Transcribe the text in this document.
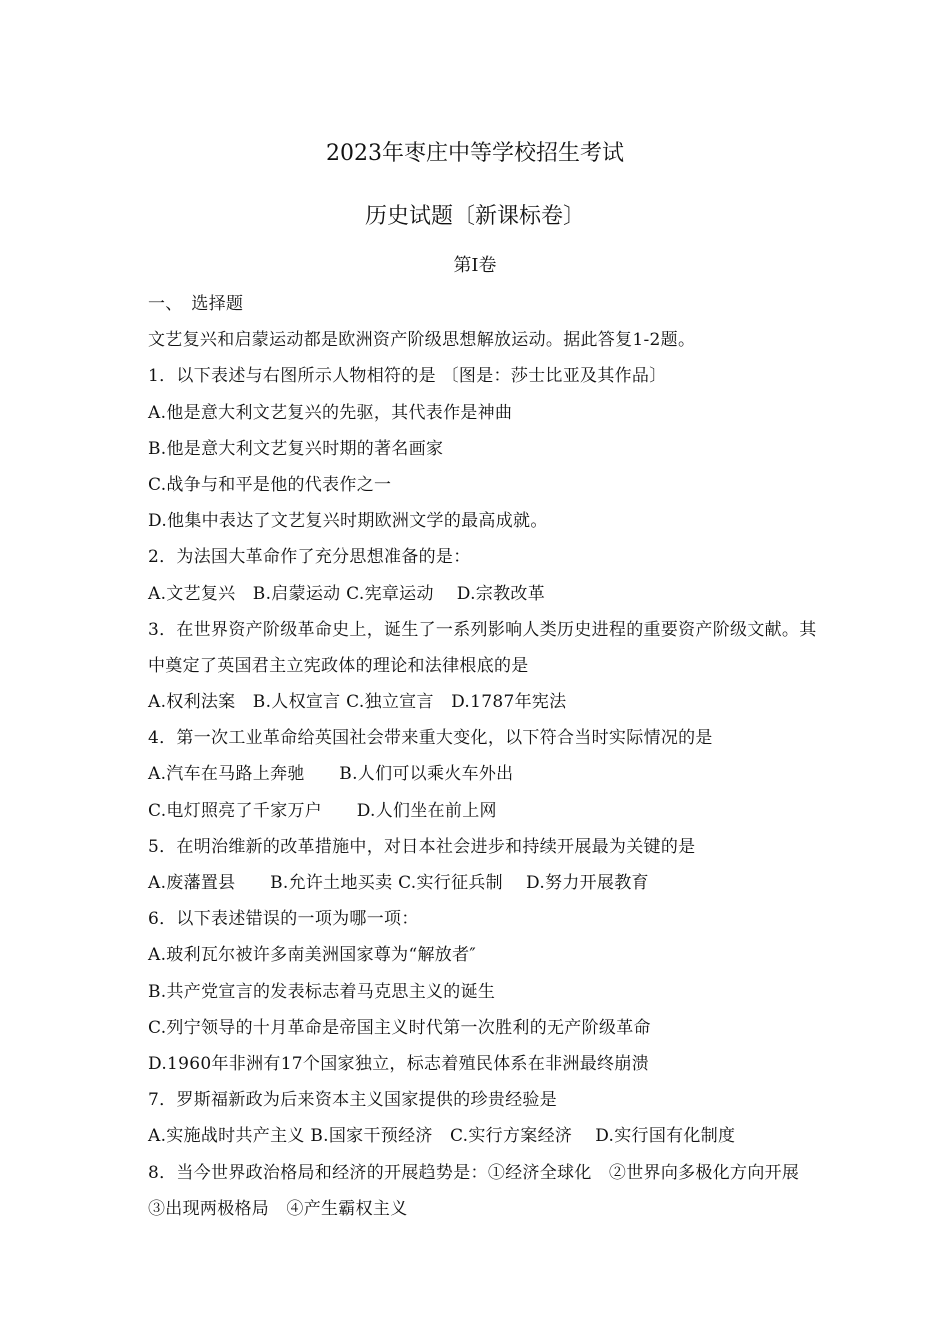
2023年枣庄中等学校招生考试
历史试题〔新课标卷〕
第Ⅰ卷
一、　选择题
文艺复兴和启蒙运动都是欧洲资产阶级思想解放运动。据此答复1-2题。
1．以下表述与右图所示人物相符的是 〔图是：莎士比亚及其作品〕
A.他是意大利文艺复兴的先驱，其代表作是神曲
B.他是意大利文艺复兴时期的著名画家
C.战争与和平是他的代表作之一
D.他集中表达了文艺复兴时期欧洲文学的最高成就。
2．为法国大革命作了充分思想准备的是：
A.文艺复兴　B.启蒙运动 C.宪章运动　 D.宗教改革
3．在世界资产阶级革命史上，诞生了一系列影响人类历史进程的重要资产阶级文献。其中奠定了英国君主立宪政体的理论和法律根底的是
A.权利法案　B.人权宣言 C.独立宣言　D.1787年宪法
4．第一次工业革命给英国社会带来重大变化，以下符合当时实际情况的是
A.汽车在马路上奔驰　　B.人们可以乘火车外出
C.电灯照亮了千家万户　　D.人们坐在前上网
5．在明治维新的改革措施中，对日本社会进步和持续开展最为关键的是
A.废藩置县　　B.允许土地买卖 C.实行征兵制　 D.努力开展教育
6．以下表述错误的一项为哪一项：
A.玻利瓦尔被许多南美洲国家尊为“解放者″
B.共产党宣言的发表标志着马克思主义的诞生
C.列宁领导的十月革命是帝国主义时代第一次胜利的无产阶级革命
D.1960年非洲有17个国家独立，标志着殖民体系在非洲最终崩溃
7．罗斯福新政为后来资本主义国家提供的珍贵经验是
A.实施战时共产主义 B.国家干预经济　C.实行方案经济　 D.实行国有化制度
8．当今世界政治格局和经济的开展趋势是：①经济全球化　②世界向多极化方向开展　③出现两极格局　④产生霸权主义
